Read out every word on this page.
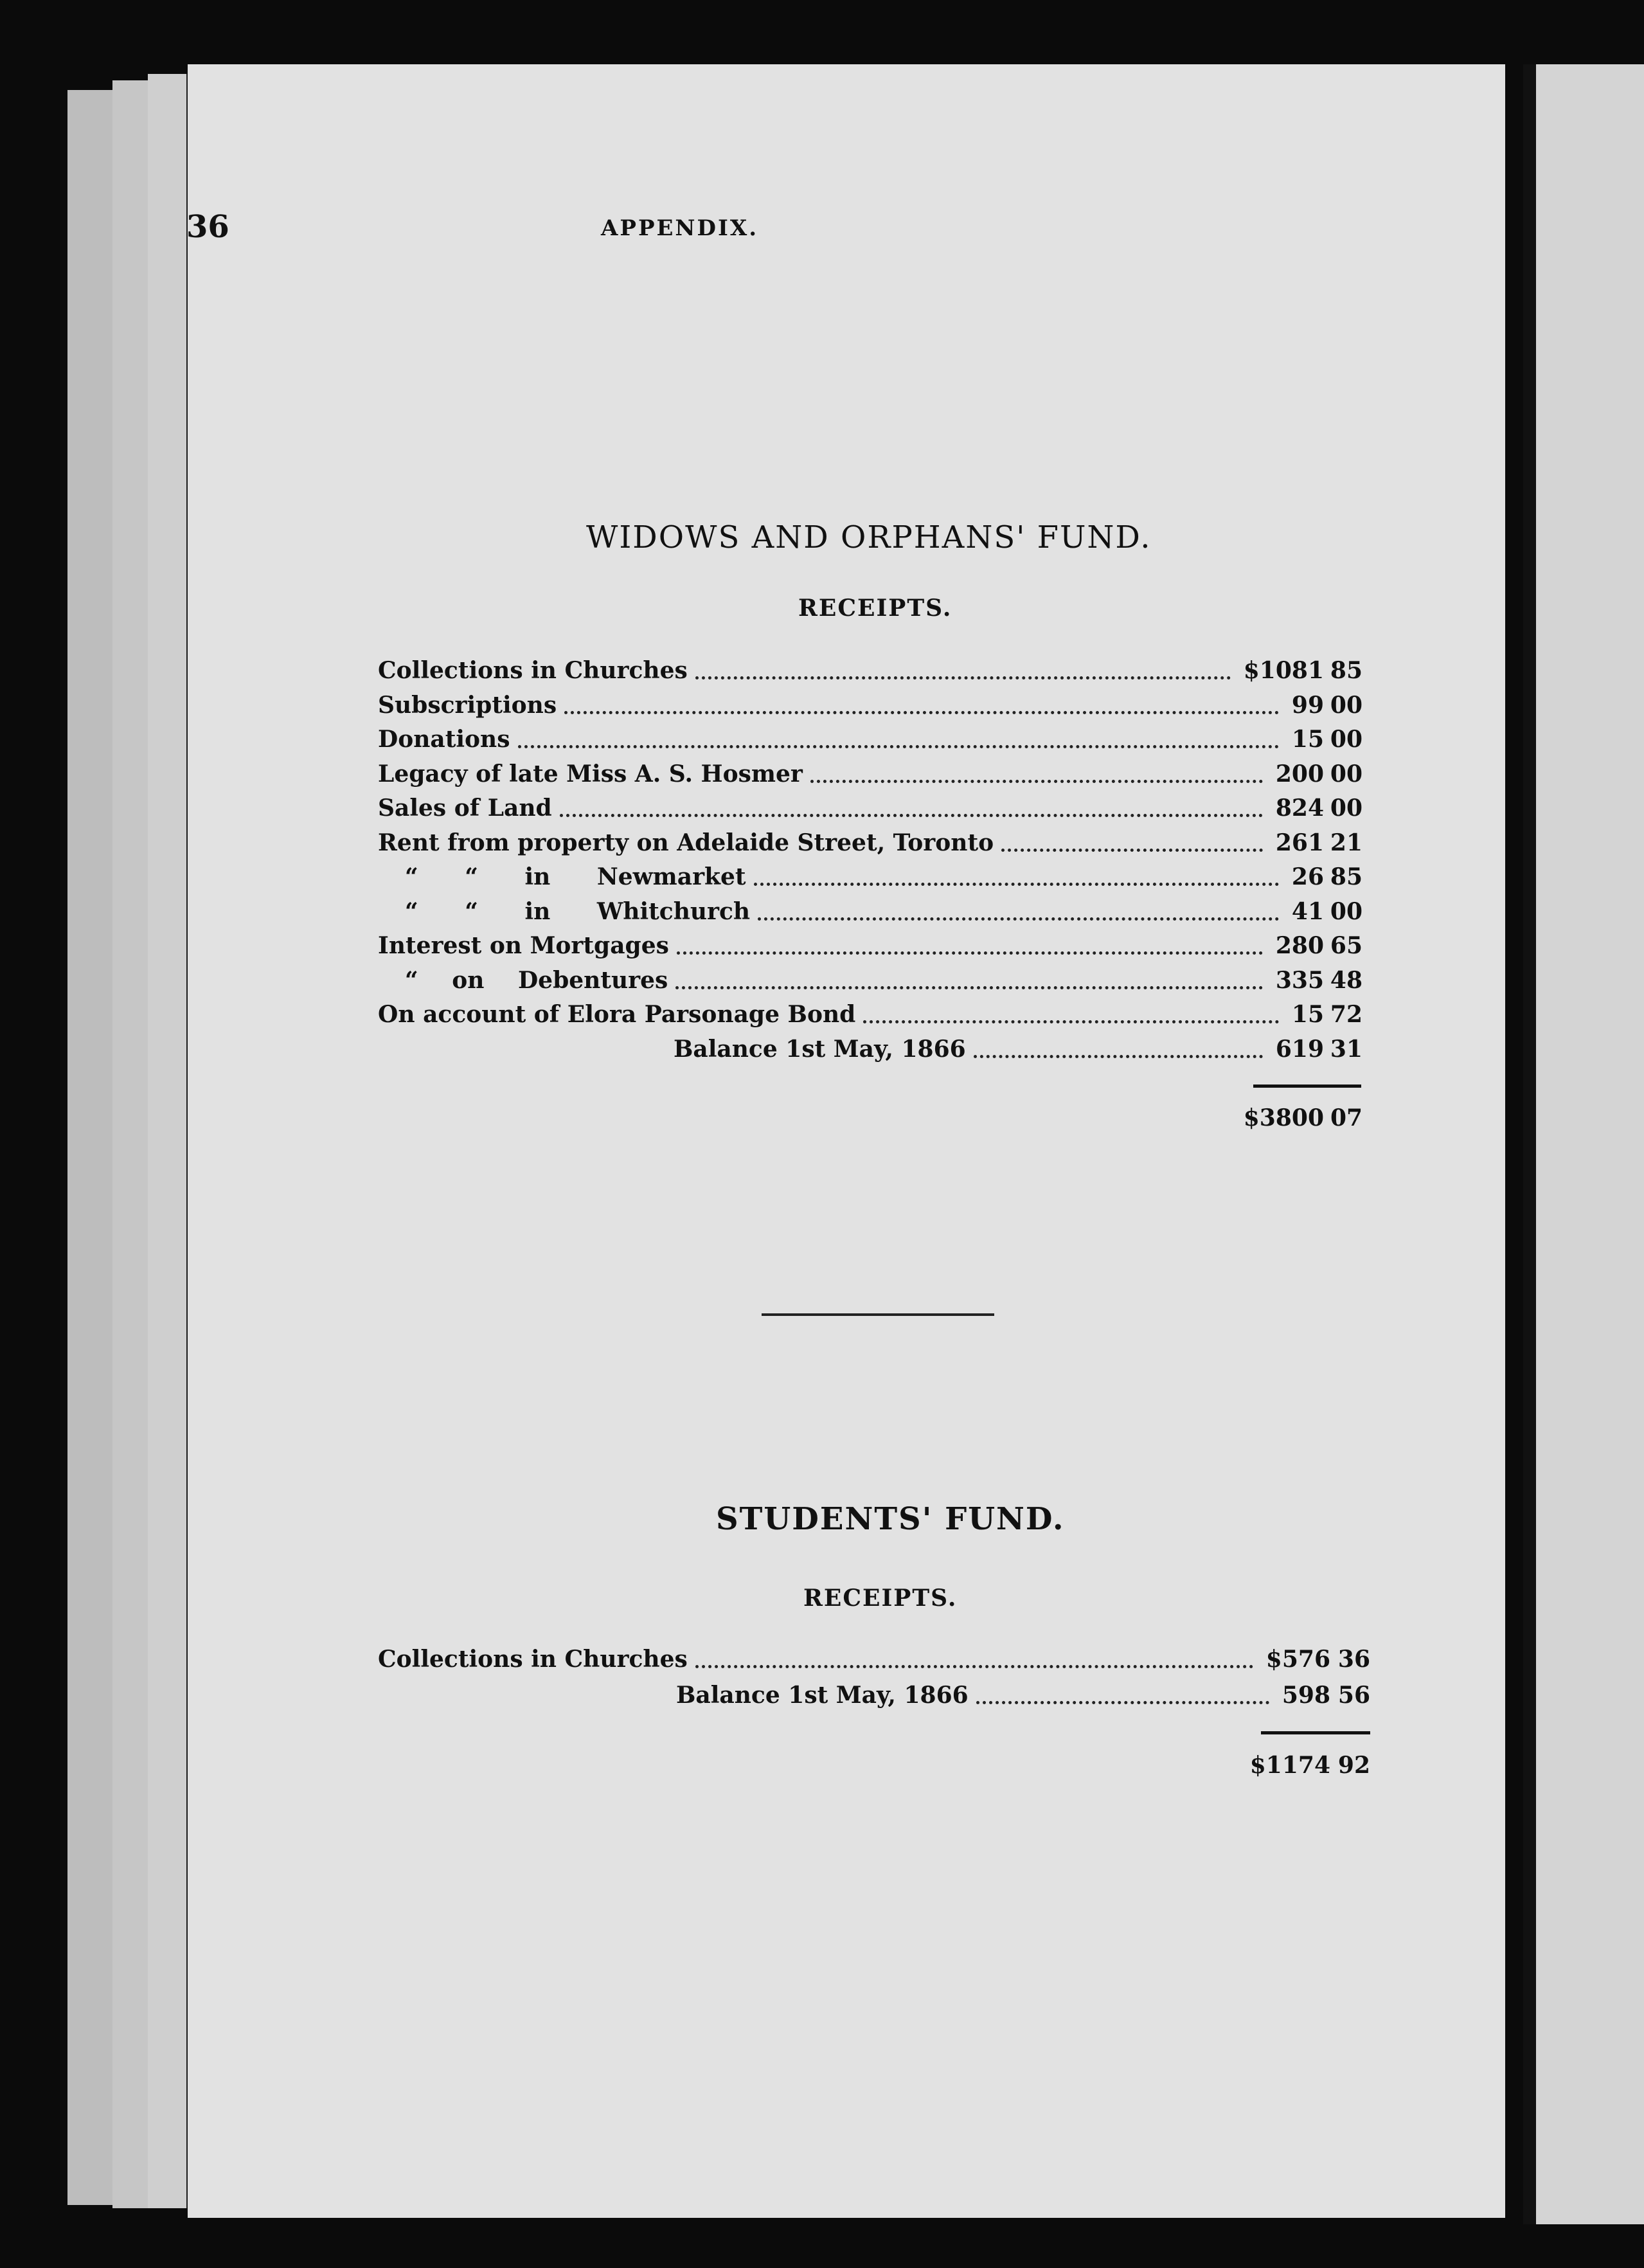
36	APPENDIX.
WIDOWS AND ORPHANS' FUND.
RECEIPTS.
Collections in Churches	$1081 85
Subscriptions	99 00
Donations	15 00
Legacy of late Miss A. S. Hosmer	200 00
Sales of Land	824 00
Rent from property on Adelaide Street, Toronto	261 21
“ “ in Newmarket	26 85
“ “ in Whitchurch	41 00
Interest on Mortgages	280 65
“ on Debentures	335 48
On account of Elora Parsonage Bond	15 72
Balance 1st May, 1866	619 31
$3800 07
STUDENTS' FUND.
RECEIPTS.
Collections in Churches	$576 36
Balance 1st May, 1866	598 56
$1174 92
